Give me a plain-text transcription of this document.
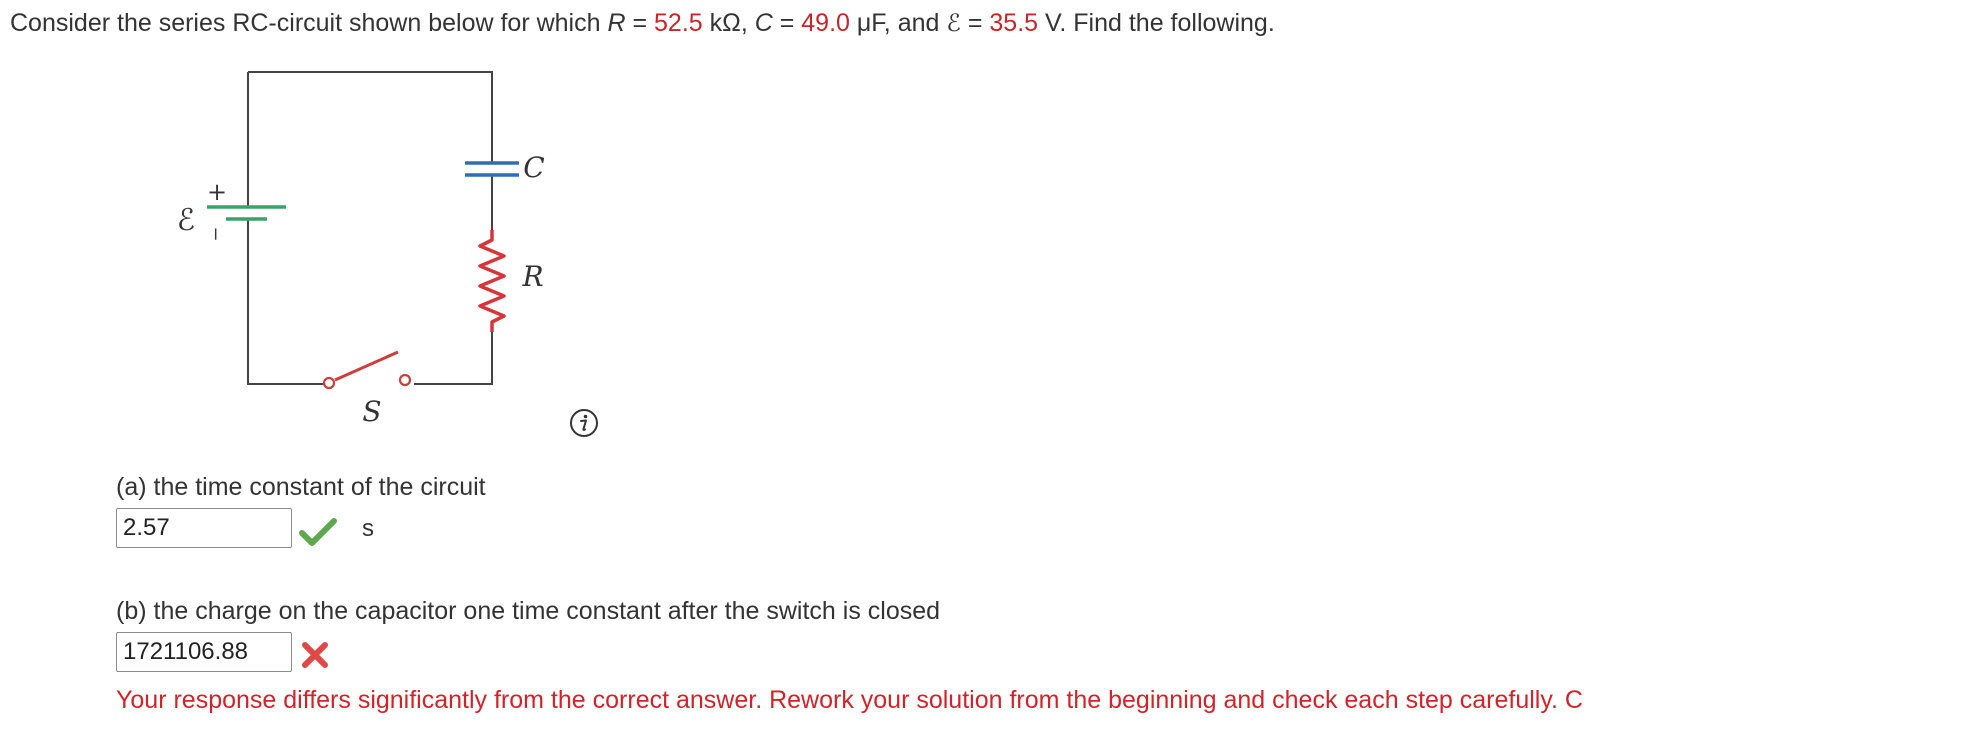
Consider the series RC-circuit shown below for which R = 52.5 kΩ, C = 49.0 μF, and ℰ = 35.5 V. Find the following.
+
−
ℰ
C
R
S
(a) the time constant of the circuit
2.57
s
(b) the charge on the capacitor one time constant after the switch is closed
1721106.88
Your response differs significantly from the correct answer. Rework your solution from the beginning and check each step carefully. C
